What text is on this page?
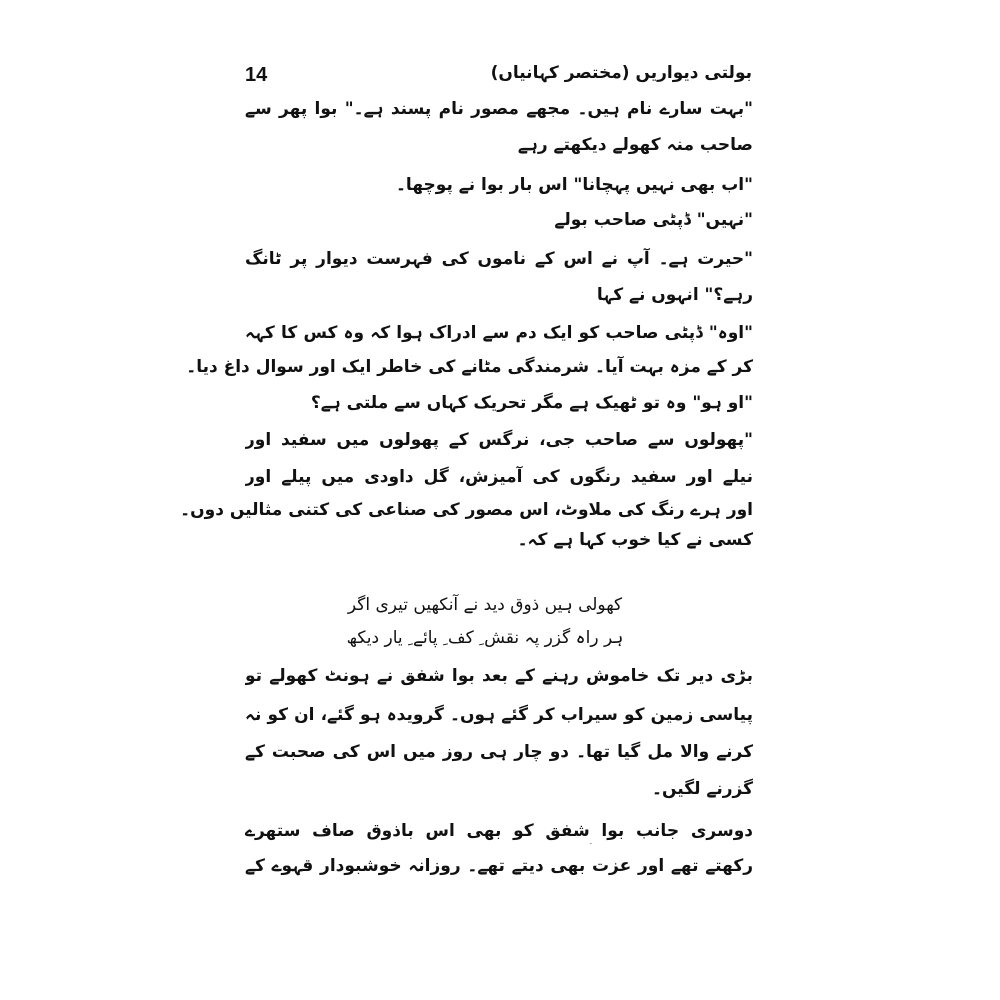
14	بولتی دیواریں (مختصر کہانیاں)
"بہت سارے نام ہیں۔ مجھے مصور نام پسند ہے۔" بوا پھر سے
صاحب منہ کھولے دیکھتے رہے
"اب بھی نہیں پہچانا" اس بار بوا نے پوچھا۔
"نہیں" ڈپٹی صاحب بولے
"حیرت ہے۔ آپ نے اس کے ناموں کی فہرست دیوار پر ٹانگ
رہے؟" انہوں نے کہا
"اوہ" ڈپٹی صاحب کو ایک دم سے ادراک ہوا کہ وہ کس کا کہہ
کر کے مزہ بہت آیا۔ شرمندگی مٹانے کی خاطر ایک اور سوال داغ دیا۔
"او ہو" وہ تو ٹھیک ہے مگر تحریک کہاں سے ملتی ہے؟
"پھولوں سے صاحب جی، نرگس کے پھولوں میں سفید اور
نیلے اور سفید رنگوں کی آمیزش، گل داودی میں پیلے اور
اور ہرے رنگ کی ملاوٹ، اس مصور کی صناعی کی کتنی مثالیں دوں۔
کسی نے کیا خوب کہا ہے کہ۔
کھولی ہیں ذوق دید نے آنکھیں تیری اگر
ہر راہ گزر پہ نقش ِ کف ِ پائے ِ یار دیکھ
بڑی دیر تک خاموش رہنے کے بعد بوا شفق نے ہونٹ کھولے تو
پیاسی زمین کو سیراب کر گئے ہوں۔ گرویدہ ہو گئے، ان کو نہ
کرنے والا مل گیا تھا۔ دو چار ہی روز میں اس کی صحبت کے
گزرنے لگیں۔
دوسری جانب بوا شفق کو بھی اس باذوق صاف ستھرے
رکھتے تھے اور عزت بھی دیتے تھے۔ روزانہ خوشبودار قہوے کے
